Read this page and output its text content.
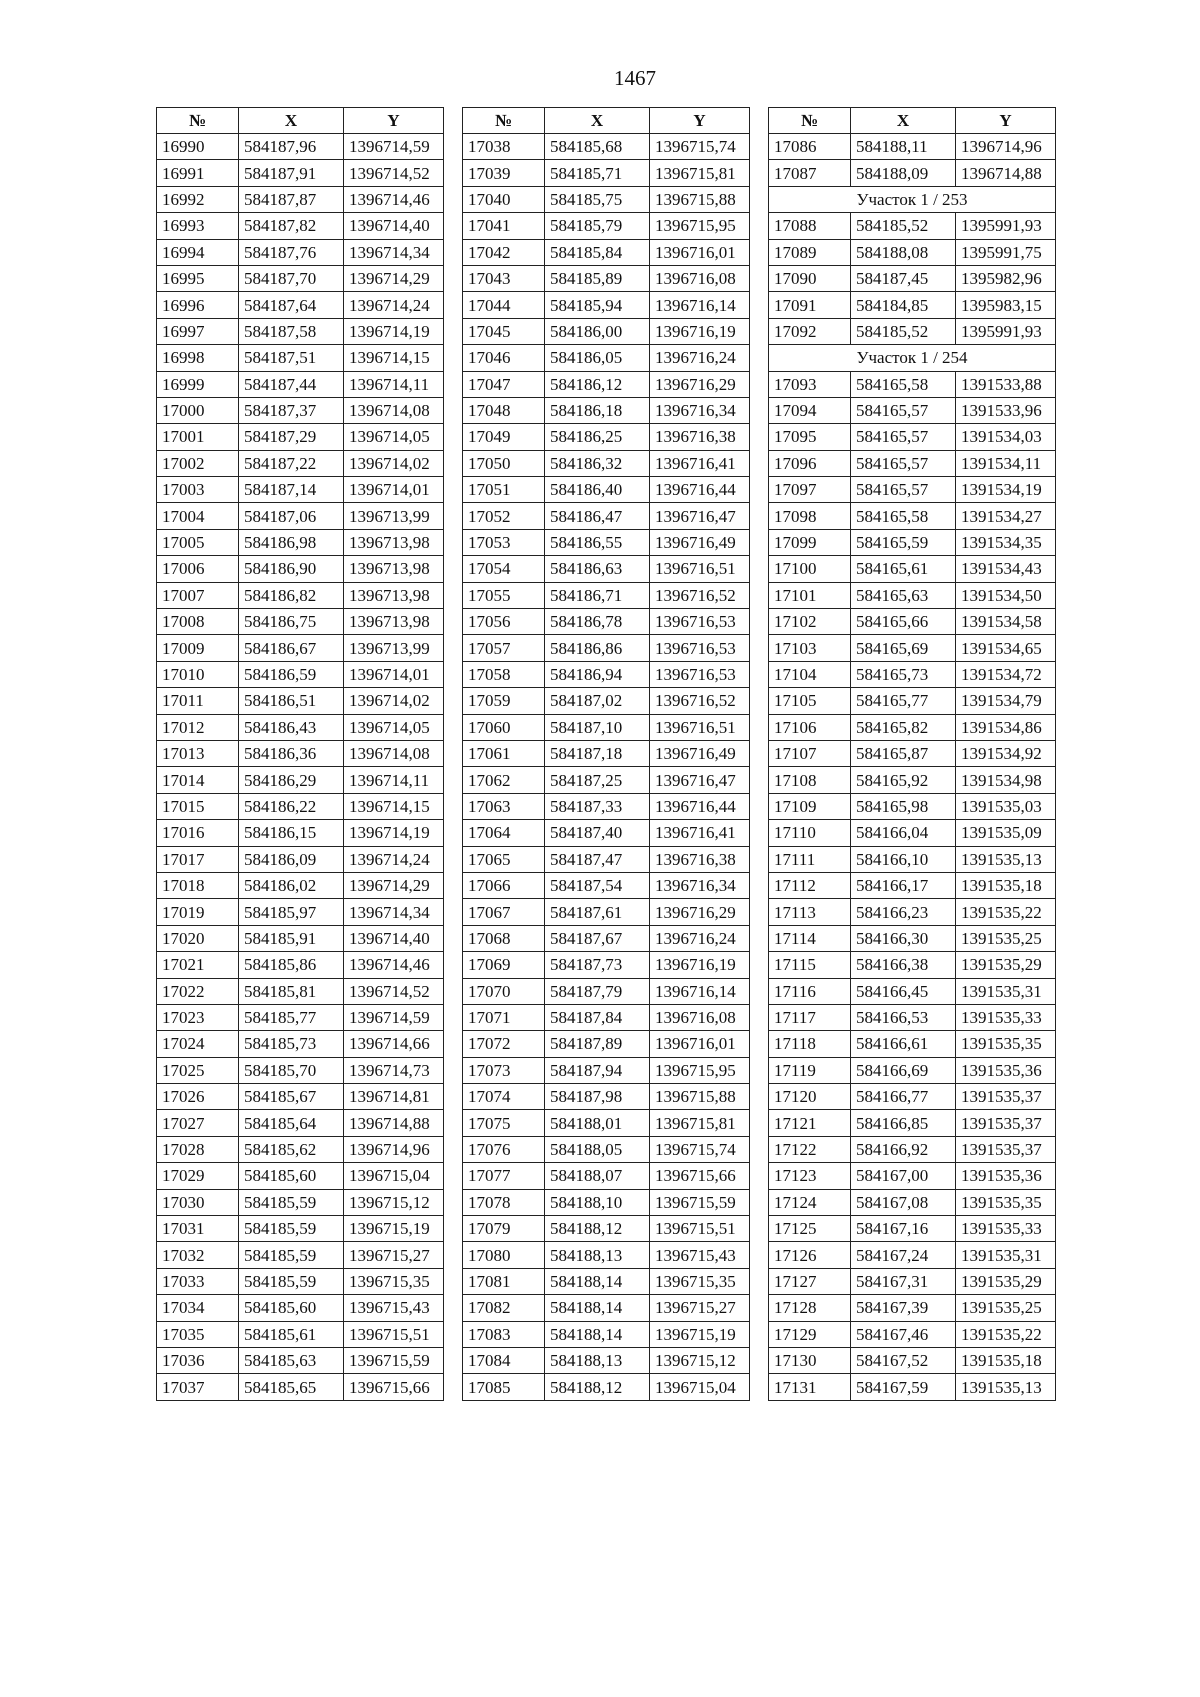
1467
№	X	Y
16990	584187,96	1396714,59
16991	584187,91	1396714,52
16992	584187,87	1396714,46
16993	584187,82	1396714,40
16994	584187,76	1396714,34
16995	584187,70	1396714,29
16996	584187,64	1396714,24
16997	584187,58	1396714,19
16998	584187,51	1396714,15
16999	584187,44	1396714,11
17000	584187,37	1396714,08
17001	584187,29	1396714,05
17002	584187,22	1396714,02
17003	584187,14	1396714,01
17004	584187,06	1396713,99
17005	584186,98	1396713,98
17006	584186,90	1396713,98
17007	584186,82	1396713,98
17008	584186,75	1396713,98
17009	584186,67	1396713,99
17010	584186,59	1396714,01
17011	584186,51	1396714,02
17012	584186,43	1396714,05
17013	584186,36	1396714,08
17014	584186,29	1396714,11
17015	584186,22	1396714,15
17016	584186,15	1396714,19
17017	584186,09	1396714,24
17018	584186,02	1396714,29
17019	584185,97	1396714,34
17020	584185,91	1396714,40
17021	584185,86	1396714,46
17022	584185,81	1396714,52
17023	584185,77	1396714,59
17024	584185,73	1396714,66
17025	584185,70	1396714,73
17026	584185,67	1396714,81
17027	584185,64	1396714,88
17028	584185,62	1396714,96
17029	584185,60	1396715,04
17030	584185,59	1396715,12
17031	584185,59	1396715,19
17032	584185,59	1396715,27
17033	584185,59	1396715,35
17034	584185,60	1396715,43
17035	584185,61	1396715,51
17036	584185,63	1396715,59
17037	584185,65	1396715,66
№	X	Y
17038	584185,68	1396715,74
17039	584185,71	1396715,81
17040	584185,75	1396715,88
17041	584185,79	1396715,95
17042	584185,84	1396716,01
17043	584185,89	1396716,08
17044	584185,94	1396716,14
17045	584186,00	1396716,19
17046	584186,05	1396716,24
17047	584186,12	1396716,29
17048	584186,18	1396716,34
17049	584186,25	1396716,38
17050	584186,32	1396716,41
17051	584186,40	1396716,44
17052	584186,47	1396716,47
17053	584186,55	1396716,49
17054	584186,63	1396716,51
17055	584186,71	1396716,52
17056	584186,78	1396716,53
17057	584186,86	1396716,53
17058	584186,94	1396716,53
17059	584187,02	1396716,52
17060	584187,10	1396716,51
17061	584187,18	1396716,49
17062	584187,25	1396716,47
17063	584187,33	1396716,44
17064	584187,40	1396716,41
17065	584187,47	1396716,38
17066	584187,54	1396716,34
17067	584187,61	1396716,29
17068	584187,67	1396716,24
17069	584187,73	1396716,19
17070	584187,79	1396716,14
17071	584187,84	1396716,08
17072	584187,89	1396716,01
17073	584187,94	1396715,95
17074	584187,98	1396715,88
17075	584188,01	1396715,81
17076	584188,05	1396715,74
17077	584188,07	1396715,66
17078	584188,10	1396715,59
17079	584188,12	1396715,51
17080	584188,13	1396715,43
17081	584188,14	1396715,35
17082	584188,14	1396715,27
17083	584188,14	1396715,19
17084	584188,13	1396715,12
17085	584188,12	1396715,04
№	X	Y
17086	584188,11	1396714,96
17087	584188,09	1396714,88
Участок 1 / 253		
17088	584185,52	1395991,93
17089	584188,08	1395991,75
17090	584187,45	1395982,96
17091	584184,85	1395983,15
17092	584185,52	1395991,93
Участок 1 / 254		
17093	584165,58	1391533,88
17094	584165,57	1391533,96
17095	584165,57	1391534,03
17096	584165,57	1391534,11
17097	584165,57	1391534,19
17098	584165,58	1391534,27
17099	584165,59	1391534,35
17100	584165,61	1391534,43
17101	584165,63	1391534,50
17102	584165,66	1391534,58
17103	584165,69	1391534,65
17104	584165,73	1391534,72
17105	584165,77	1391534,79
17106	584165,82	1391534,86
17107	584165,87	1391534,92
17108	584165,92	1391534,98
17109	584165,98	1391535,03
17110	584166,04	1391535,09
17111	584166,10	1391535,13
17112	584166,17	1391535,18
17113	584166,23	1391535,22
17114	584166,30	1391535,25
17115	584166,38	1391535,29
17116	584166,45	1391535,31
17117	584166,53	1391535,33
17118	584166,61	1391535,35
17119	584166,69	1391535,36
17120	584166,77	1391535,37
17121	584166,85	1391535,37
17122	584166,92	1391535,37
17123	584167,00	1391535,36
17124	584167,08	1391535,35
17125	584167,16	1391535,33
17126	584167,24	1391535,31
17127	584167,31	1391535,29
17128	584167,39	1391535,25
17129	584167,46	1391535,22
17130	584167,52	1391535,18
17131	584167,59	1391535,13
